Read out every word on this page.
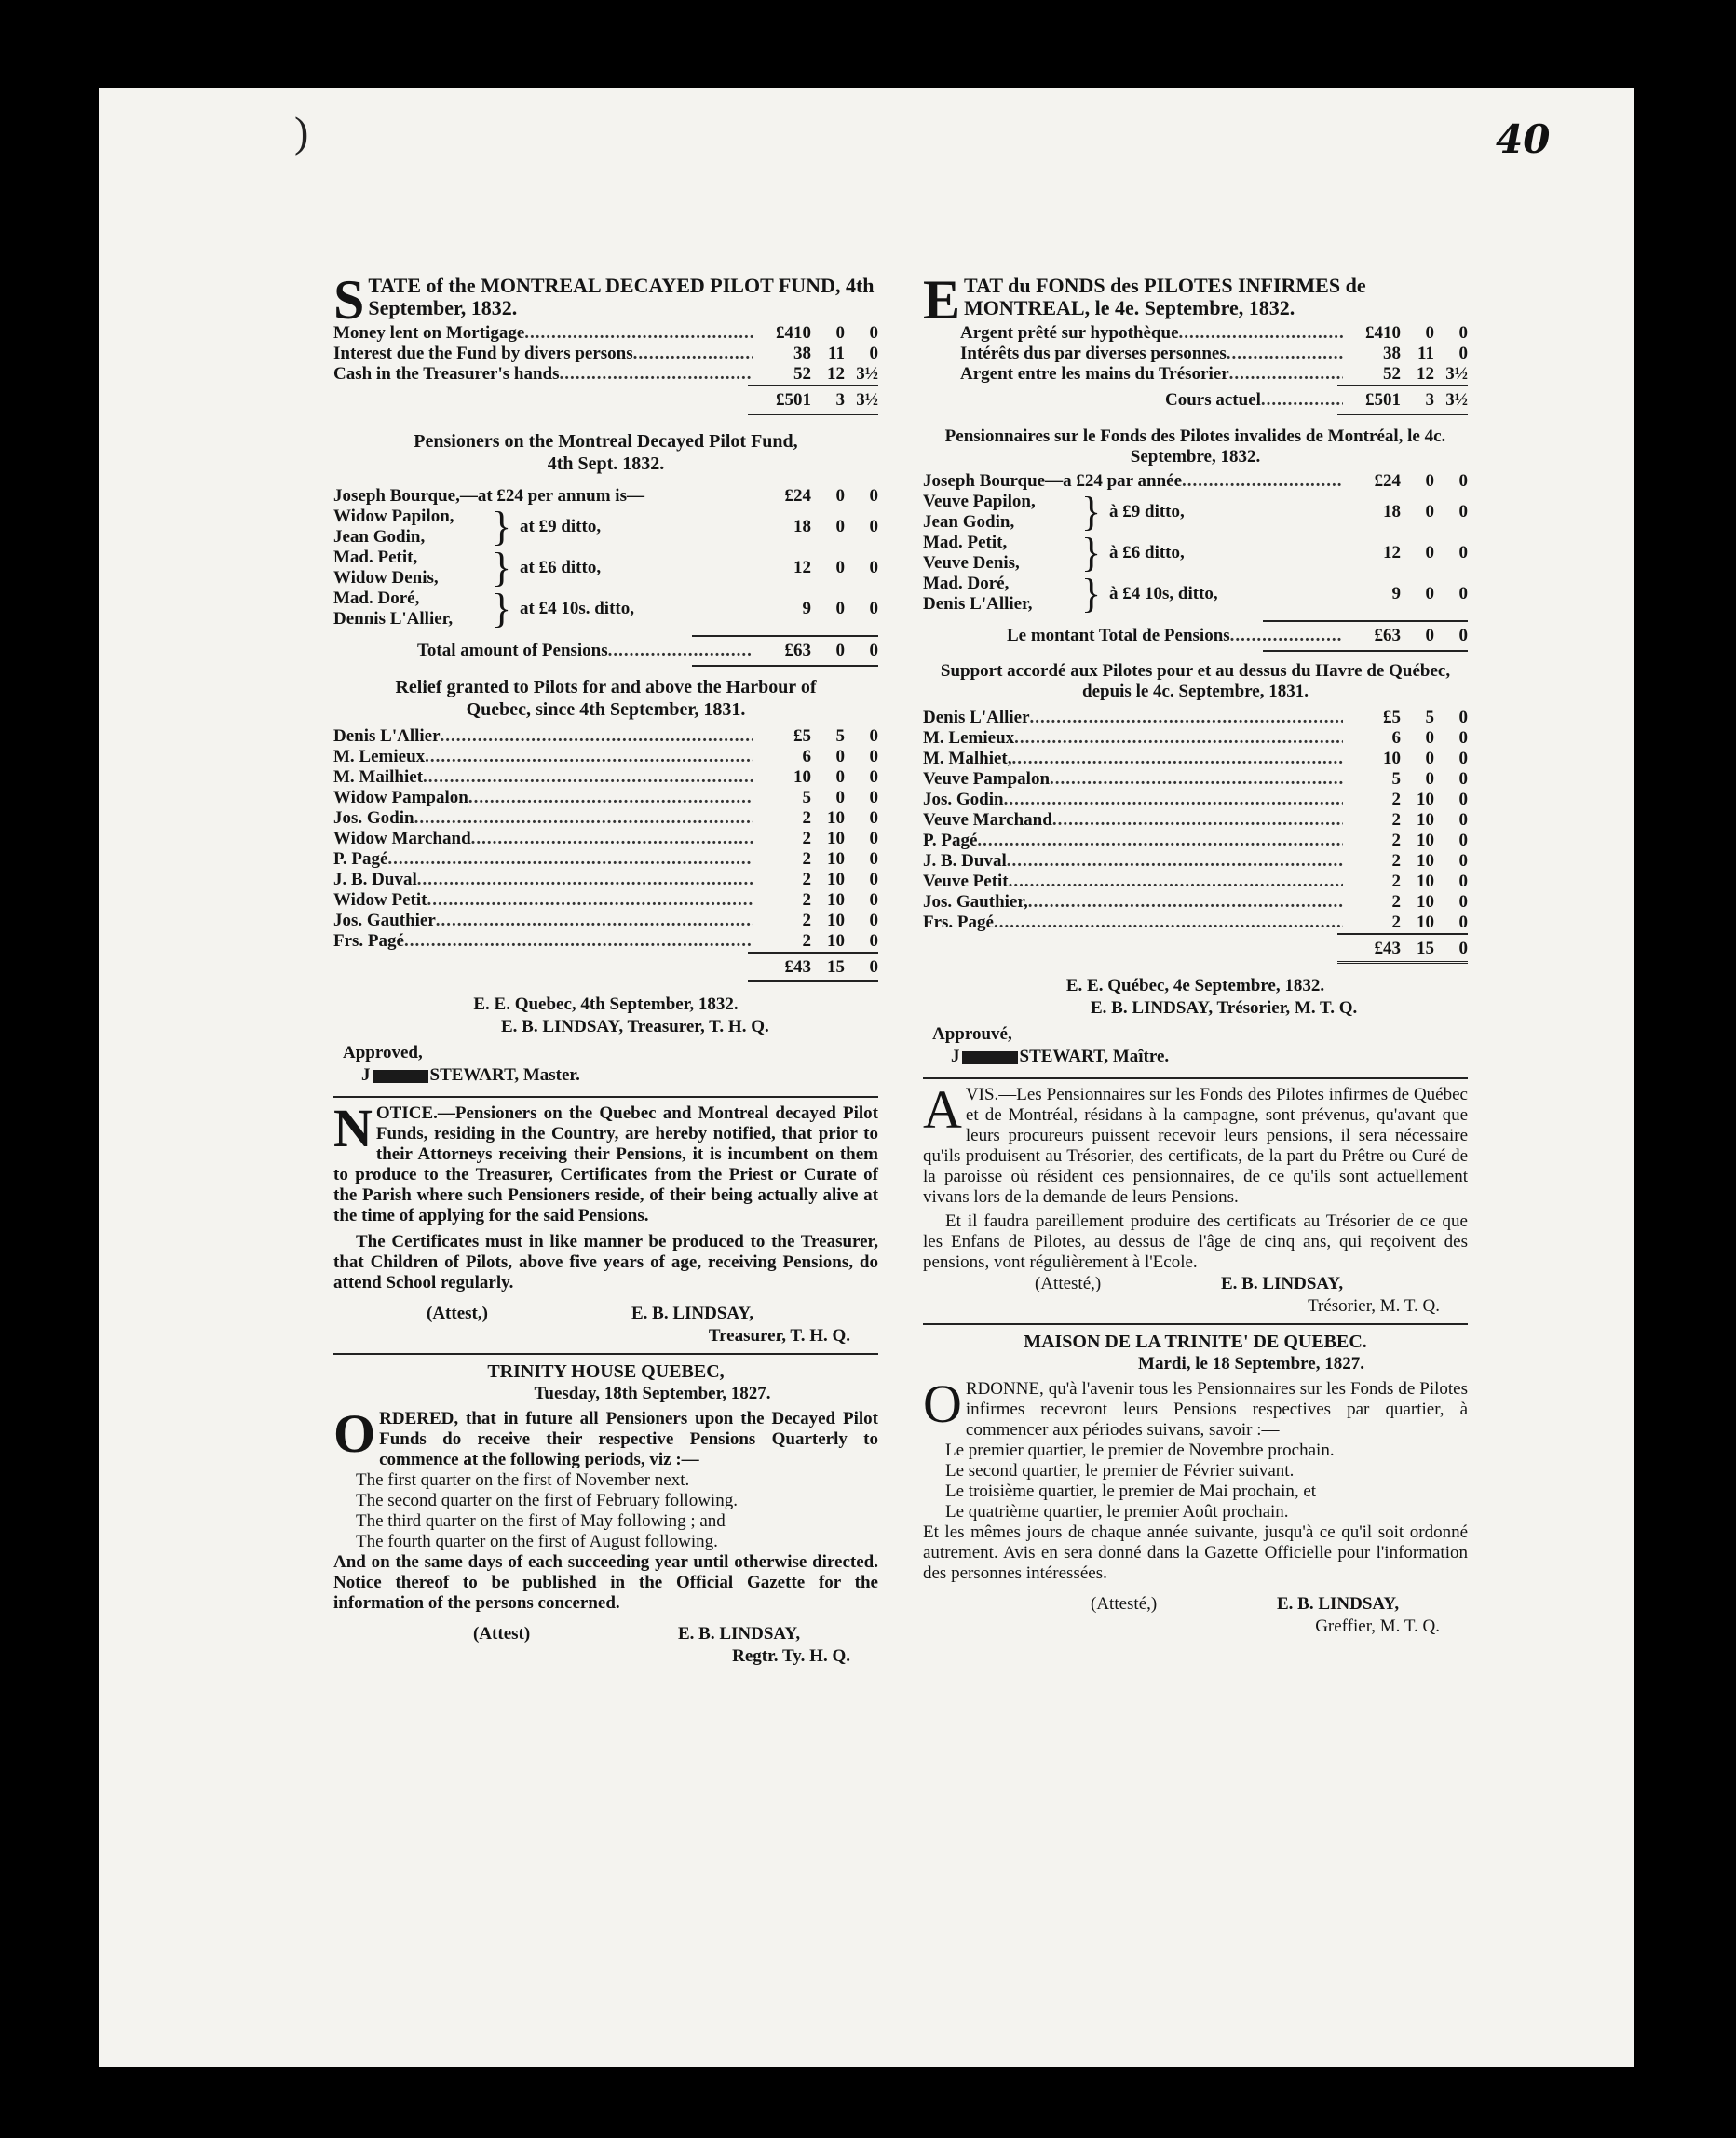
)	40
STATE of the MONTREAL DECAYED PILOT FUND, 4th September, 1832.
Money lent on Mortigage .....	£410	0	0
Interest due the Fund by divers persons .....	38 11	0
Cash in the Treasurer's hands .....	52 12 3½
£501	3 3½
Pensioners on the Montreal Decayed Pilot Fund,
4th Sept. 1832.
Joseph Bourque,—at £24 per annum is—	£24	0	0
Widow Papilon,
Jean Godin,	} at £9 ditto,	18	0	0
Mad. Petit,
Widow Denis,	} at £6 ditto,	12	0	0
Mad. Doré,
Dennis L'Allier, } at £4 10s. ditto,	9	0	0
Total amount of Pensions .....	£63	0	0
Relief granted to Pilots for and above the Harbour of
Quebec, since 4th September, 1831.
Denis L'Allier .....	£5	5	0
M. Lemieux .....	6	0	0
M. Mailhiet .....	10	0	0
Widow Pampalon .....	5	0	0
Jos. Godin .....	2 10	0
Widow Marchand .....	2 10	0
P. Pagé .....	2 10	0
J. B. Duval .....	2 10	0
Widow Petit .....	2 10	0
Jos. Gauthier .....	2 10	0
Frs. Pagé .....	2 10	0
£43 15	0
E. E. Quebec, 4th September, 1832.
E. B. LINDSAY, Treasurer, T. H. Q.
Approved,
J	STEWART, Master.
NOTICE.—Pensioners on the Quebec and Montreal decayed Pilot Funds, residing in the Country, are hereby notified, that prior to their Attorneys receiving their Pensions, it is incumbent on them to produce to the Treasurer, Certificates from the Priest or Curate of the Parish where such Pensioners reside, of their being actually alive at the time of applying for the said Pensions.
The Certificates must in like manner be produced to the Treasurer, that Children of Pilots, above five years of age, receiving Pensions, do attend School regularly.
(Attest,)	E. B. LINDSAY,
Treasurer, T. H. Q.
TRINITY HOUSE QUEBEC,
Tuesday, 18th September, 1827.
ORDERED, that in future all Pensioners upon the Decayed Pilot Funds do receive their respective Pensions Quarterly to commence at the following periods, viz :—
The first quarter on the first of November next.
The second quarter on the first of February following.
The third quarter on the first of May following ; and
The fourth quarter on the first of August following.
And on the same days of each succeeding year until otherwise directed. Notice thereof to be published in the Official Gazette for the information of the persons concerned.
(Attest)	E. B. LINDSAY,
Regtr. Ty. H. Q.
ETAT du FONDS des PILOTES INFIRMES de MONTREAL, le 4e. Septembre, 1832.
Argent prêté sur hypothèque .....	£410	0	0
Intérêts dus par diverses personnes .....	38 11	0
Argent entre les mains du Trésorier .....	52 12 3½
Cours actuel .....	£501	3 3½
Pensionnaires sur le Fonds des Pilotes invalides de Montréal, le 4c. Septembre, 1832.
Joseph Bourque—a £24 par année .....	£24	0	0
Veuve Papilon,
Jean Godin,	} à £9 ditto,	18	0	0
Mad. Petit,
Veuve Denis,	} à £6 ditto,	12	0	0
Mad. Doré,
Denis L'Allier,	} à £4 10s, ditto,	9	0	0
Le montant Total de Pensions .....	£63	0	0
Support accordé aux Pilotes pour et au dessus du Havre de Québec, depuis le 4c. Septembre, 1831.
Denis L'Allier .....	£5	5	0
M. Lemieux .....	6	0	0
M. Malhiet, .....	10	0	0
Veuve Pampalon .....	5	0	0
Jos. Godin .....	2 10	0
Veuve Marchand .....	2 10	0
P. Pagé .....	2 10	0
J. B. Duval .....	2 10	0
Veuve Petit .....	2 10	0
Jos. Gauthier, .....	2 10	0
Frs. Pagé .....	2 10	0
£43 15	0
E. E. Québec, 4e Septembre, 1832.
E. B. LINDSAY, Trésorier, M. T. Q.
Approuvé,
J	STEWART, Maître.
AVIS.—Les Pensionnaires sur les Fonds des Pilotes infirmes de Québec et de Montréal, résidans à la campagne, sont prévenus, qu'avant que leurs procureurs puissent recevoir leurs pensions, il sera nécessaire qu'ils produisent au Trésorier, des certificats, de la part du Prêtre ou Curé de la paroisse où résident ces pensionnaires, de ce qu'ils sont actuellement vivans lors de la demande de leurs Pensions.
Et il faudra pareillement produire des certificats au Trésorier de ce que les Enfans de Pilotes, au dessus de l'âge de cinq ans, qui reçoivent des pensions, vont régulièrement à l'Ecole.
(Attesté,)	E. B. LINDSAY,
Trésorier, M. T. Q.
MAISON DE LA TRINITE' DE QUEBEC.
Mardi, le 18 Septembre, 1827.
ORDONNE, qu'à l'avenir tous les Pensionnaires sur les Fonds de Pilotes infirmes recevront leurs Pensions respectives par quartier, à commencer aux périodes suivans, savoir :—
Le premier quartier, le premier de Novembre prochain.
Le second quartier, le premier de Février suivant.
Le troisième quartier, le premier de Mai prochain, et
Le quatrième quartier, le premier Août prochain.
Et les mêmes jours de chaque année suivante, jusqu'à ce qu'il soit ordonné autrement. Avis en sera donné dans la Gazette Officielle pour l'information des personnes intéressées.
(Attesté,)	E. B. LINDSAY,
Greffier, M. T. Q.
